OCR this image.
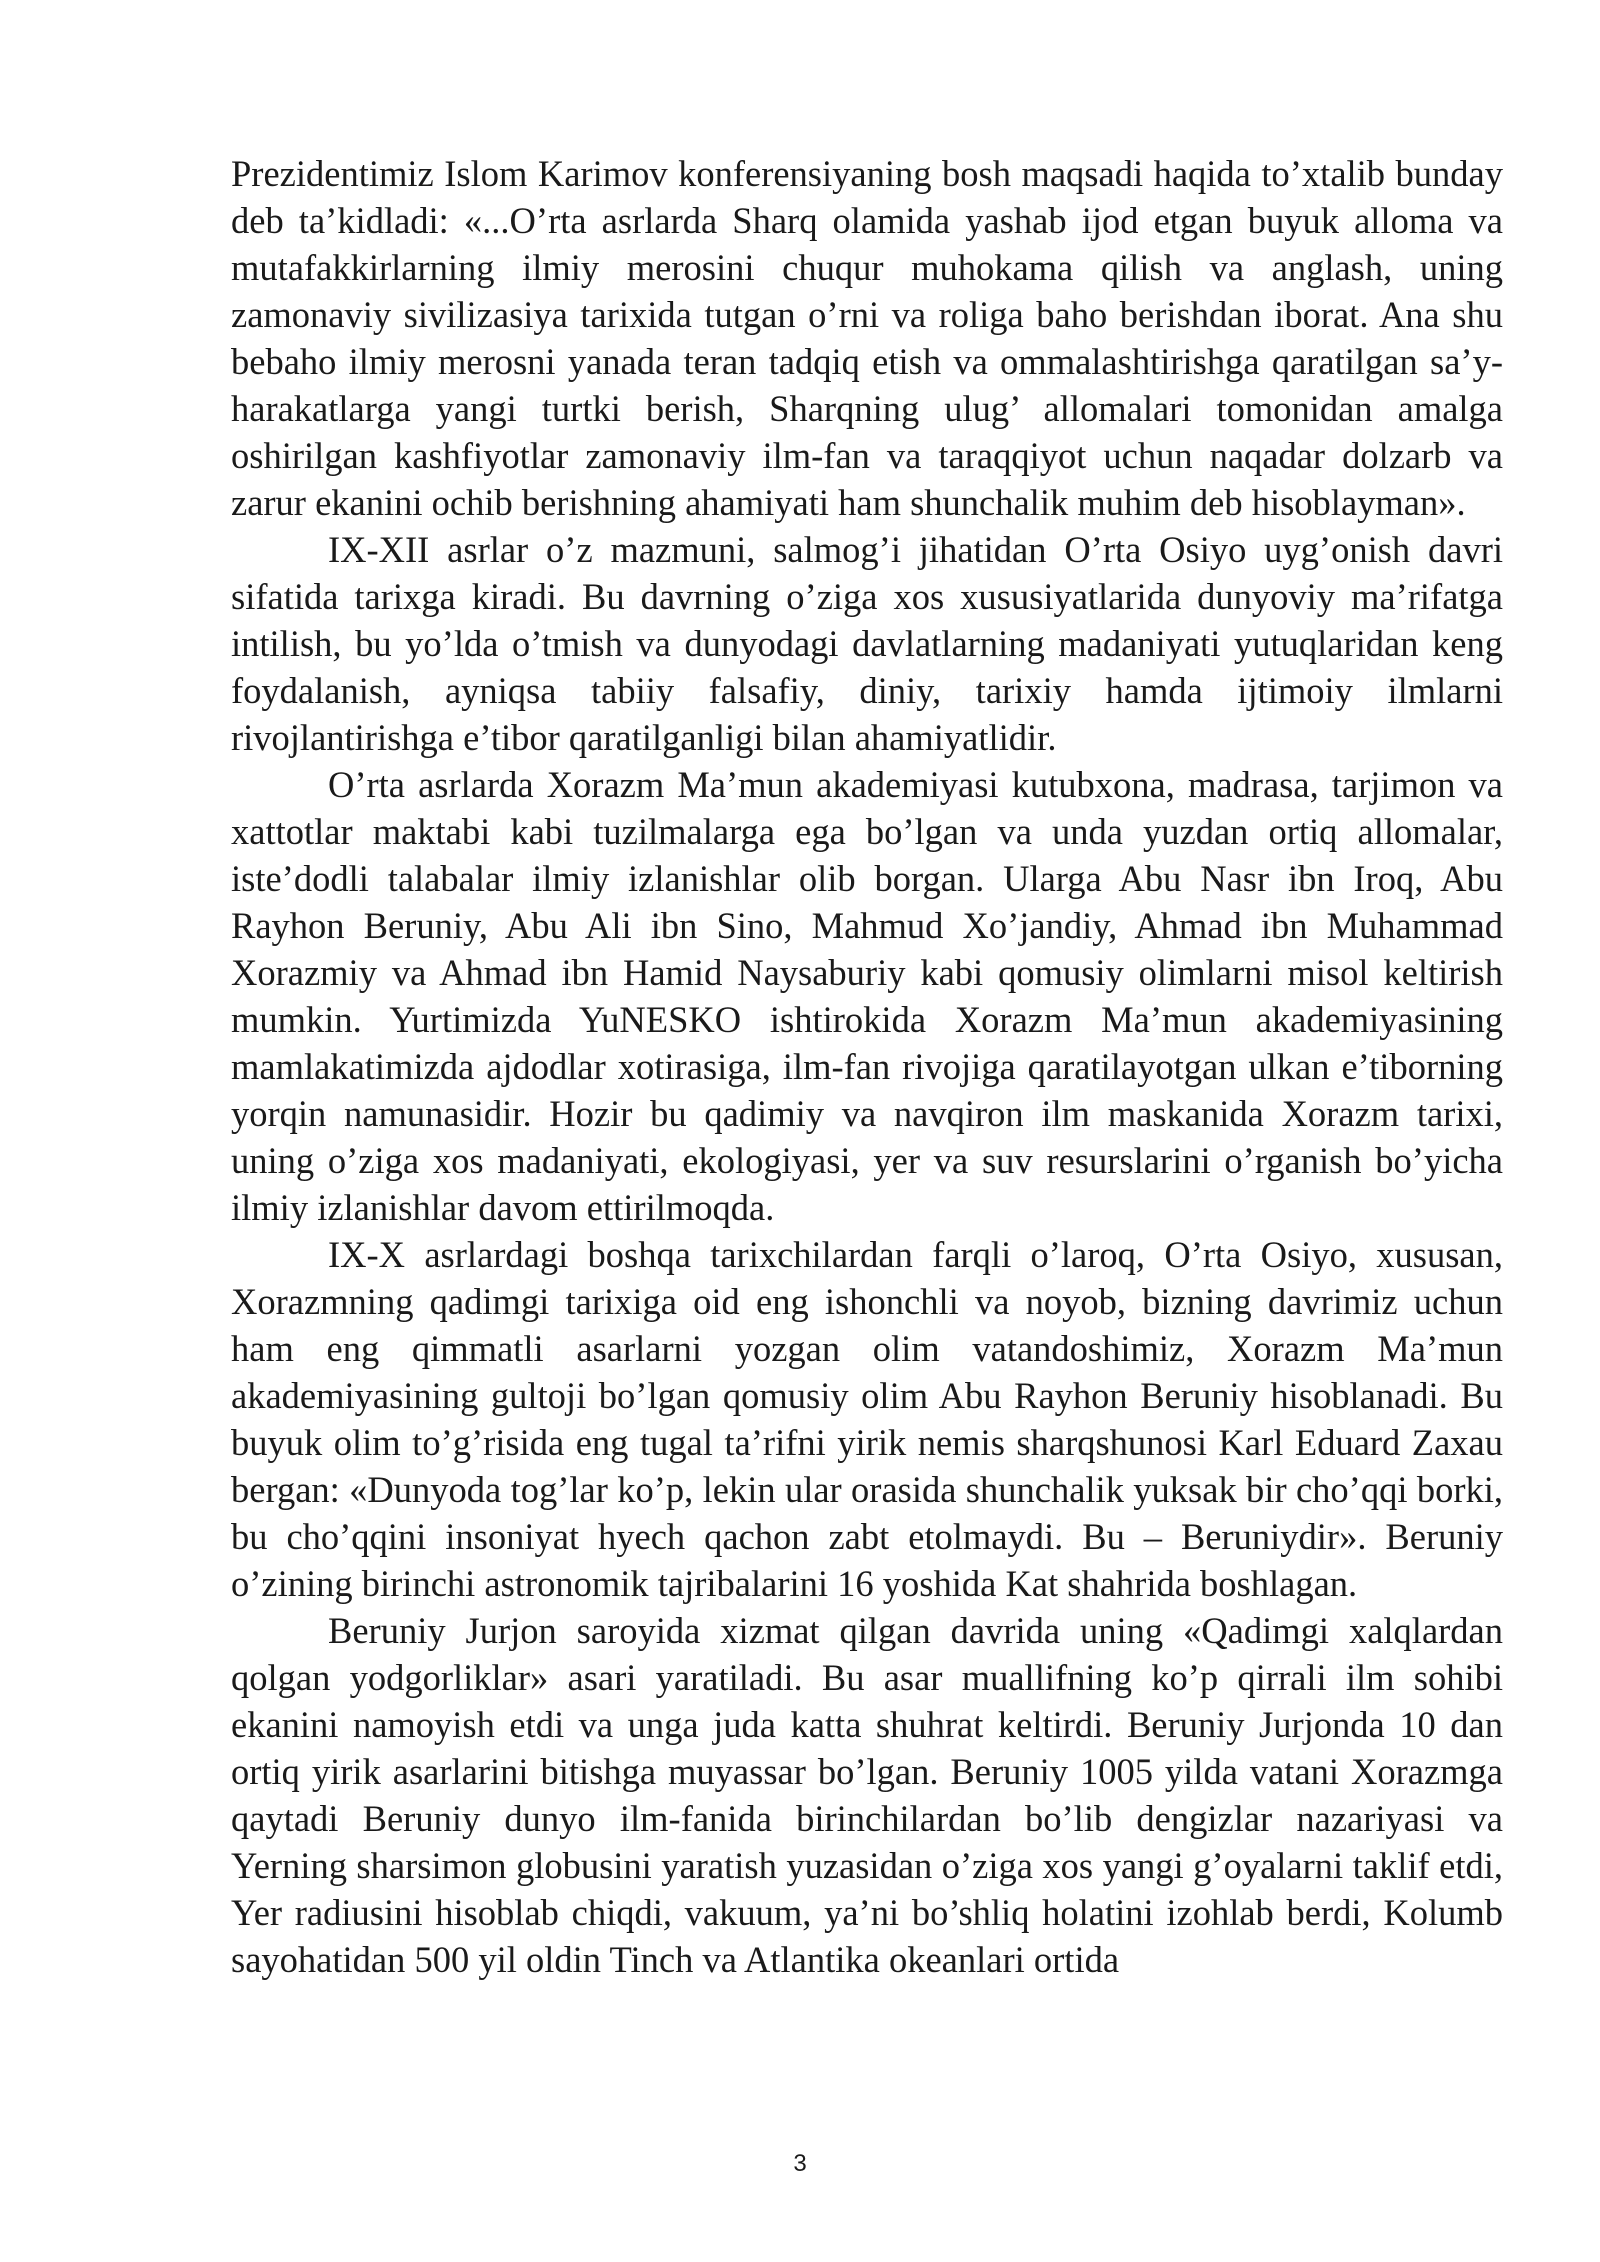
Prezidentimiz Islom Karimov konferensiyaning bosh maqsadi haqida to’xtalib bunday deb ta’kidladi: «...O’rta asrlarda Sharq olamida yashab ijod etgan buyuk alloma va mutafakkirlarning ilmiy merosini chuqur muhokama qilish va anglash, uning zamonaviy sivilizasiya tarixida tutgan o’rni va roliga baho berishdan iborat. Ana shu bebaho ilmiy merosni yanada teran tadqiq etish va ommalashtirishga qaratilgan sa’y-harakatlarga yangi turtki berish, Sharqning ulug’ allomalari tomonidan amalga oshirilgan kashfiyotlar zamonaviy ilm-fan va taraqqiyot uchun naqadar dolzarb va zarur ekanini ochib berishning ahamiyati ham shunchalik muhim deb hisoblayman».

IX-XII asrlar o’z mazmuni, salmog’i jihatidan O’rta Osiyo uyg’onish davri sifatida tarixga kiradi. Bu davrning o’ziga xos xususiyatlarida dunyoviy ma’rifatga intilish, bu yo’lda o’tmish va dunyodagi davlatlarning madaniyati yutuqlaridan keng foydalanish, ayniqsa tabiiy falsafiy, diniy, tarixiy hamda ijtimoiy ilmlarni rivojlantirishga e’tibor qaratilganligi bilan ahamiyatlidir.

O’rta asrlarda Xorazm Ma’mun akademiyasi kutubxona, madrasa, tarjimon va xattotlar maktabi kabi tuzilmalarga ega bo’lgan va unda yuzdan ortiq allomalar, iste’dodli talabalar ilmiy izlanishlar olib borgan. Ularga Abu Nasr ibn Iroq, Abu Rayhon Beruniy, Abu Ali ibn Sino, Mahmud Xo’jandiy, Ahmad ibn Muhammad Xorazmiy va Ahmad ibn Hamid Naysaburiy kabi qomusiy olimlarni misol keltirish mumkin. Yurtimizda YuNESKO ishtirokida Xorazm Ma’mun akademiyasining mamlakatimizda ajdodlar xotirasiga, ilm-fan rivojiga qaratilayotgan ulkan e’tiborning yorqin namunasidir. Hozir bu qadimiy va navqiron ilm maskanida Xorazm tarixi, uning o’ziga xos madaniyati, ekologiyasi, yer va suv resurslarini o’rganish bo’yicha ilmiy izlanishlar davom ettirilmoqda.

IX-X asrlardagi boshqa tarixchilardan farqli o’laroq, O’rta Osiyo, xususan, Xorazmning qadimgi tarixiga oid eng ishonchli va noyob, bizning davrimiz uchun ham eng qimmatli asarlarni yozgan olim vatandoshimiz, Xorazm Ma’mun akademiyasining gultoji bo’lgan qomusiy olim Abu Rayhon Beruniy hisoblanadi. Bu buyuk olim to’g’risida eng tugal ta’rifni yirik nemis sharqshunosi Karl Eduard Zaxau bergan: «Dunyoda tog’lar ko’p, lekin ular orasida shunchalik yuksak bir cho’qqi borki, bu cho’qqini insoniyat hyech qachon zabt etolmaydi. Bu – Beruniydir». Beruniy o’zining birinchi astronomik tajribalarini 16 yoshida Kat shahrida boshlagan.

Beruniy Jurjon saroyida xizmat qilgan davrida uning «Qadimgi xalqlardan qolgan yodgorliklar» asari yaratiladi. Bu asar muallifning ko’p qirrali ilm sohibi ekanini namoyish etdi va unga juda katta shuhrat keltirdi. Beruniy Jurjonda 10 dan ortiq yirik asarlarini bitishga muyassar bo’lgan. Beruniy 1005 yilda vatani Xorazmga qaytadi Beruniy dunyo ilm-fanida birinchilardan bo’lib dengizlar nazariyasi va Yerning sharsimon globusini yaratish yuzasidan o’ziga xos yangi g’oyalarni taklif etdi, Yer radiusini hisoblab chiqdi, vakuum, ya’ni bo’shliq holatini izohlab berdi, Kolumb sayohatidan 500 yil oldin Tinch va Atlantika okeanlari ortida

3
